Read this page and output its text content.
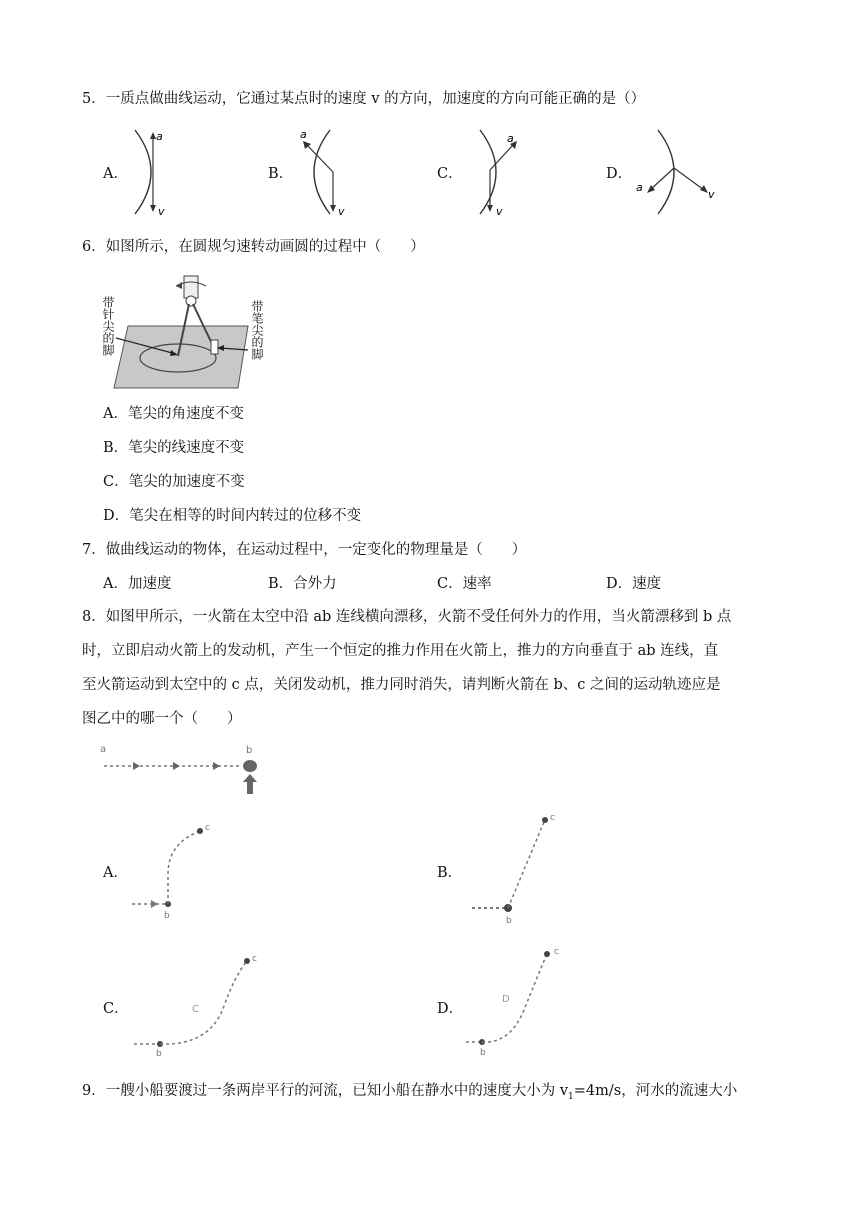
5．一质点做曲线运动，它通过某点时的速度 v 的方向，加速度的方向可能正确的是（）
A．
a
v
B．
a
v
C．
a
v
D．
a
v
6．如图所示，在圆规匀速转动画圆的过程中（　　）
带针尖的脚	带笔尖的脚
A．笔尖的角速度不变
B．笔尖的线速度不变
C．笔尖的加速度不变
D．笔尖在相等的时间内转过的位移不变
7．做曲线运动的物体，在运动过程中，一定变化的物理量是（　　）
A．加速度	B．合外力	C．速率	D．速度
8．如图甲所示，一火箭在太空中沿 ab 连线横向漂移，火箭不受任何外力的作用，当火箭漂移到 b 点
时，立即启动火箭上的发动机，产生一个恒定的推力作用在火箭上，推力的方向垂直于 ab 连线，直
至火箭运动到太空中的 c 点，关闭发动机，推力同时消失，请判断火箭在 b、c 之间的运动轨迹应是
图乙中的哪一个（　　）
a	b
A．
b
c
B．
b
c
C．
b
c
C	D．
b
c
D
9．一艘小船要渡过一条两岸平行的河流，已知小船在静水中的速度大小为 $v_1=4m/s$，河水的流速大小
